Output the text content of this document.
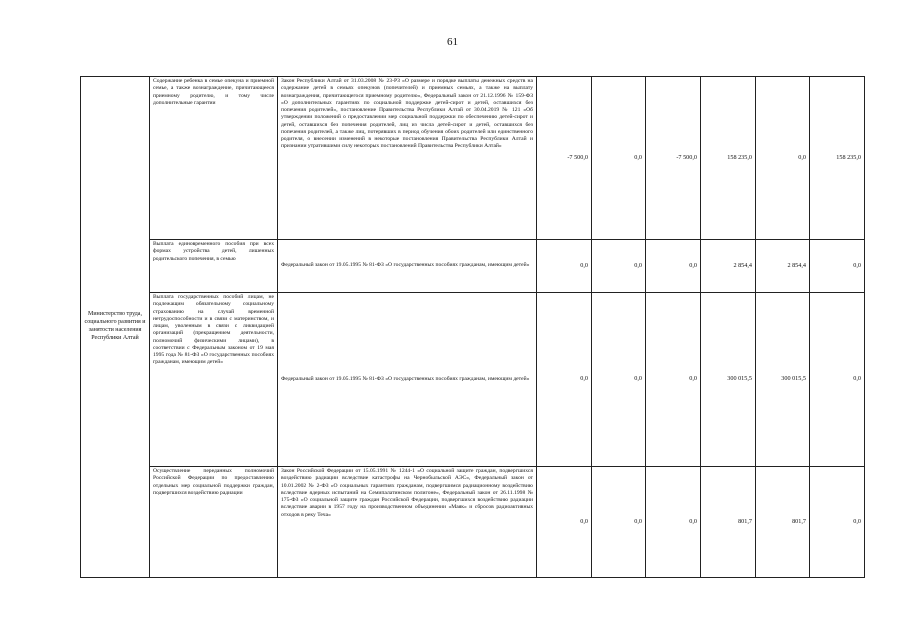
61
Министерство труда, социального развития и занятости населения Республики Алтай	Содержание ребенка в семье опекуна и приемной семье, а также вознаграждение, причитающееся приемному родителю, и тому числе дополнительные гарантии	Закон Республики Алтай от 31.03.2008 № 23-РЗ «О размере и порядке выплаты денежных средств на содержание детей в семьях опекунов (попечителей) и приемных семьях, а также на выплату вознаграждения, причитающегося приемному родителю», Федеральный закон от 21.12.1996 № 159-ФЗ «О дополнительных гарантиях по социальной поддержке детей-сирот и детей, оставшихся без попечения родителей», постановление Правительства Республики Алтай от 30.04.2019 № 121 «Об утверждении положений о предоставлении мер социальной поддержки по обеспечению детей-сирот и детей, оставшихся без попечения родителей, лиц из числа детей-сирот и детей, оставшихся без попечения родителей, а также лиц, потерявших в период обучения обоих родителей или единственного родителя, о внесении изменений в некоторые постановления Правительства Республики Алтай и признании утратившими силу некоторых постановлений Правительства Республики Алтай»	-7 500,0	0,0	-7 500,0	158 235,0	0,0	158 235,0
	Выплата единовременного пособия при всех формах устройства детей, лишенных родительского попечения, в семью	Федеральный закон от 19.05.1995 № 81-ФЗ «О государственных пособиях гражданам, имеющим детей»	0,0	0,0	0,0	2 854,4	2 854,4	0,0
	Выплата государственных пособий лицам, не подлежащим обязательному социальному страхованию на случай временной нетрудоспособности и в связи с материнством, и лицам, уволенным в связи с ликвидацией организаций (прекращением деятельности, полномочий физическими лицами), в соответствии с Федеральным законом от 19 мая 1995 года № 81-ФЗ «О государственных пособиях гражданам, имеющим детей»	Федеральный закон от 19.05.1995 № 81-ФЗ «О государственных пособиях гражданам, имеющим детей»	0,0	0,0	0,0	300 015,5	300 015,5	0,0
	Осуществление переданных полномочий Российской Федерации по предоставлению отдельных мер социальной поддержки граждан, подвергшихся воздействию радиации	Закон Российской Федерации от 15.05.1991 № 1244-1 «О социальной защите граждан, подвергшихся воздействию радиации вследствие катастрофы на Чернобыльской АЭС», Федеральный закон от 10.01.2002 № 2-ФЗ «О социальных гарантиях гражданам, подвергшимся радиационному воздействию вследствие ядерных испытаний на Семипалатинском полигоне», Федеральный закон от 26.11.1998 № 175-ФЗ «О социальной защите граждан Российской Федерации, подвергшихся воздействию радиации вследствие аварии в 1957 году на производственном объединении «Маяк» и сбросов радиоактивных отходов в реку Теча»	0,0	0,0	0,0	801,7	801,7	0,0
